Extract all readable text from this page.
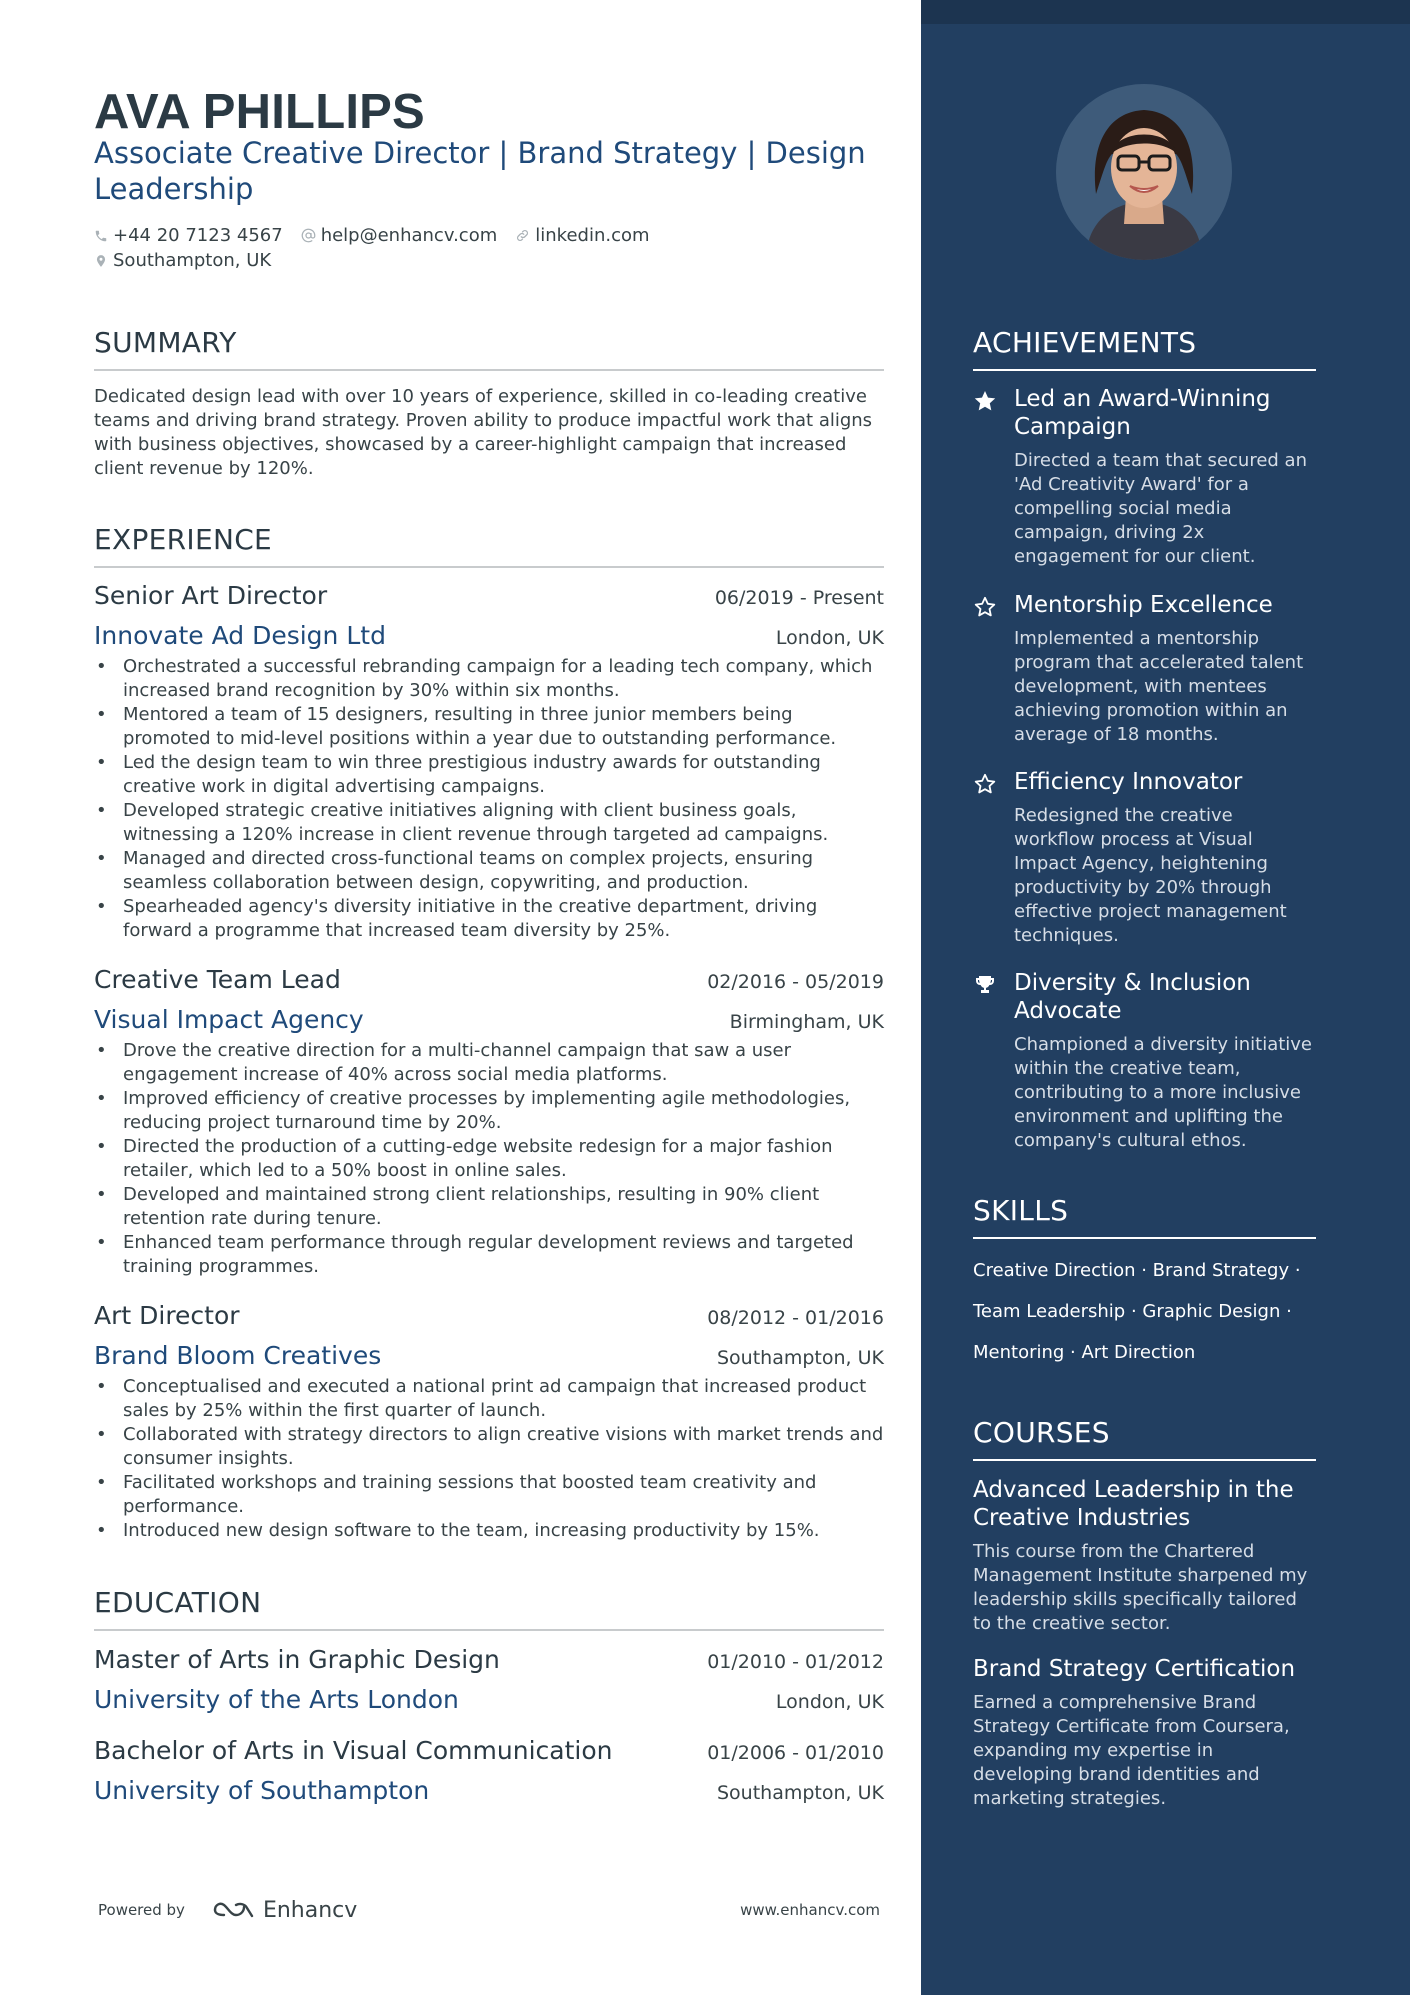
AVA PHILLIPS
Associate Creative Director | Brand Strategy | Design Leadership
+44 20 7123 4567 help@enhancv.com linkedin.com
Southampton, UK
SUMMARY
Dedicated design lead with over 10 years of experience, skilled in co-leading creative teams and driving brand strategy. Proven ability to produce impactful work that aligns with business objectives, showcased by a career-highlight campaign that increased client revenue by 120%.
EXPERIENCE
Senior Art Director	06/2019 - Present
Innovate Ad Design Ltd	London, UK
• Orchestrated a successful rebranding campaign for a leading tech company, which increased brand recognition by 30% within six months.
• Mentored a team of 15 designers, resulting in three junior members being promoted to mid-level positions within a year due to outstanding performance.
• Led the design team to win three prestigious industry awards for outstanding creative work in digital advertising campaigns.
• Developed strategic creative initiatives aligning with client business goals, witnessing a 120% increase in client revenue through targeted ad campaigns.
• Managed and directed cross-functional teams on complex projects, ensuring seamless collaboration between design, copywriting, and production.
• Spearheaded agency's diversity initiative in the creative department, driving forward a programme that increased team diversity by 25%.
Creative Team Lead	02/2016 - 05/2019
Visual Impact Agency	Birmingham, UK
• Drove the creative direction for a multi-channel campaign that saw a user engagement increase of 40% across social media platforms.
• Improved efficiency of creative processes by implementing agile methodologies, reducing project turnaround time by 20%.
• Directed the production of a cutting-edge website redesign for a major fashion retailer, which led to a 50% boost in online sales.
• Developed and maintained strong client relationships, resulting in 90% client retention rate during tenure.
• Enhanced team performance through regular development reviews and targeted training programmes.
Art Director	08/2012 - 01/2016
Brand Bloom Creatives	Southampton, UK
• Conceptualised and executed a national print ad campaign that increased product sales by 25% within the first quarter of launch.
• Collaborated with strategy directors to align creative visions with market trends and consumer insights.
• Facilitated workshops and training sessions that boosted team creativity and performance.
• Introduced new design software to the team, increasing productivity by 15%.
EDUCATION
Master of Arts in Graphic Design	01/2010 - 01/2012
University of the Arts London	London, UK
Bachelor of Arts in Visual Communication	01/2006 - 01/2010
University of Southampton	Southampton, UK
Powered by	Enhancv	www.enhancv.com
ACHIEVEMENTS
Led an Award-Winning Campaign
Directed a team that secured an 'Ad Creativity Award' for a compelling social media campaign, driving 2x engagement for our client.
Mentorship Excellence
Implemented a mentorship program that accelerated talent development, with mentees achieving promotion within an average of 18 months.
Efficiency Innovator
Redesigned the creative workflow process at Visual Impact Agency, heightening productivity by 20% through effective project management techniques.
Diversity & Inclusion Advocate
Championed a diversity initiative within the creative team, contributing to a more inclusive environment and uplifting the company's cultural ethos.
SKILLS
Creative Direction · Brand Strategy ·
Team Leadership · Graphic Design ·
Mentoring · Art Direction
COURSES
Advanced Leadership in the Creative Industries
This course from the Chartered Management Institute sharpened my leadership skills specifically tailored to the creative sector.
Brand Strategy Certification
Earned a comprehensive Brand Strategy Certificate from Coursera, expanding my expertise in developing brand identities and marketing strategies.
